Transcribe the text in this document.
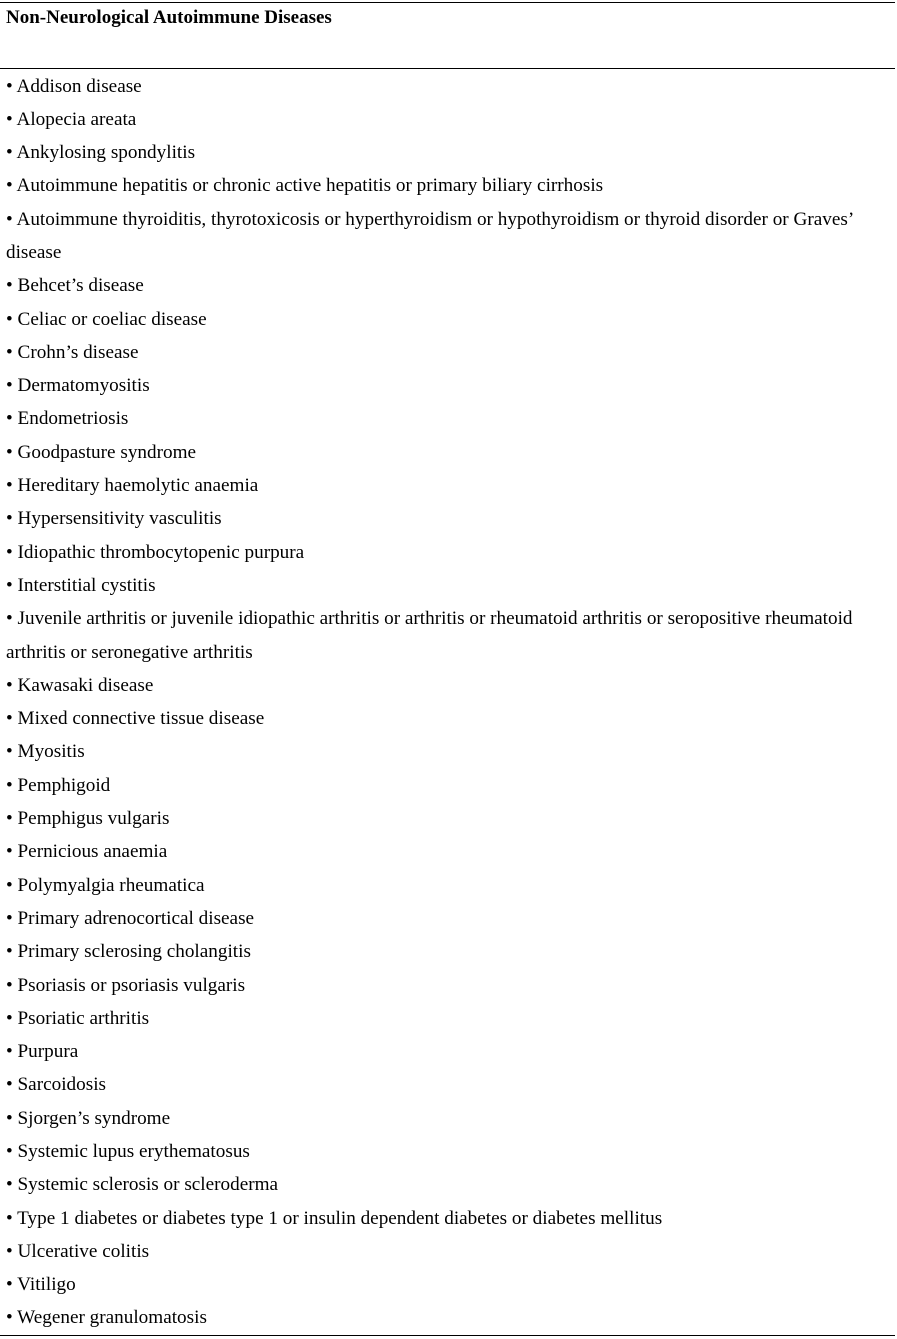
Non-Neurological Autoimmune Diseases
• Addison disease
• Alopecia areata
• Ankylosing spondylitis
• Autoimmune hepatitis or chronic active hepatitis or primary biliary cirrhosis
• Autoimmune thyroiditis, thyrotoxicosis or hyperthyroidism or hypothyroidism or thyroid disorder or Graves’ disease
• Behcet’s disease
• Celiac or coeliac disease
• Crohn’s disease
• Dermatomyositis
• Endometriosis
• Goodpasture syndrome
• Hereditary haemolytic anaemia
• Hypersensitivity vasculitis
• Idiopathic thrombocytopenic purpura
• Interstitial cystitis
• Juvenile arthritis or juvenile idiopathic arthritis or arthritis or rheumatoid arthritis or seropositive rheumatoid arthritis or seronegative arthritis
• Kawasaki disease
• Mixed connective tissue disease
• Myositis
• Pemphigoid
• Pemphigus vulgaris
• Pernicious anaemia
• Polymyalgia rheumatica
• Primary adrenocortical disease
• Primary sclerosing cholangitis
• Psoriasis or psoriasis vulgaris
• Psoriatic arthritis
• Purpura
• Sarcoidosis
• Sjorgen’s syndrome
• Systemic lupus erythematosus
• Systemic sclerosis or scleroderma
• Type 1 diabetes or diabetes type 1 or insulin dependent diabetes or diabetes mellitus
• Ulcerative colitis
• Vitiligo
• Wegener granulomatosis
